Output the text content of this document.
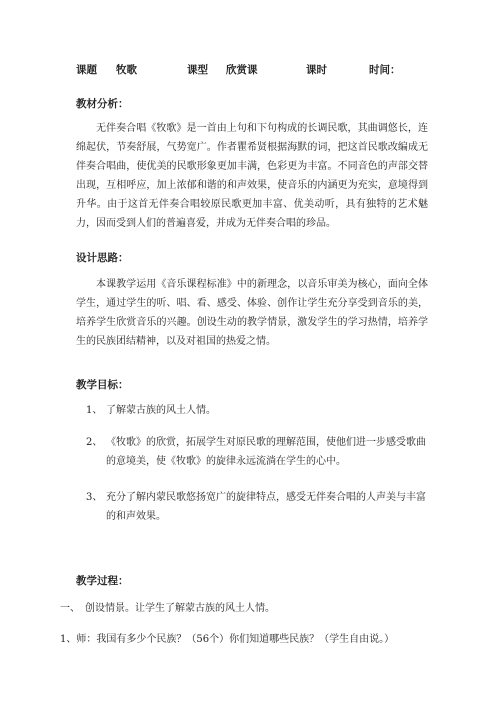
课题 牧歌	课型 欣赏课	课时	时间：
教材分析：
无伴奏合唱《牧歌》是一首由上句和下句构成的长调民歌，其曲调悠长，连绵起伏，节奏舒展，气势宽广。作者瞿希贤根据海默的词，把这首民歌改编成无伴奏合唱曲，使优美的民歌形象更加丰满，色彩更为丰富。不同音色的声部交替出现，互相呼应，加上浓郁和谐的和声效果，使音乐的内涵更为充实，意境得到升华。由于这首无伴奏合唱较原民歌更加丰富、优美动听，具有独特的艺术魅力，因而受到人们的普遍喜爱，并成为无伴奏合唱的珍品。
设计思路：
本课教学运用《音乐课程标准》中的新理念，以音乐审美为核心，面向全体学生，通过学生的听、唱、看、感受、体验、创作让学生充分享受到音乐的美，培养学生欣赏音乐的兴趣。创设生动的教学情景，激发学生的学习热情，培养学生的民族团结精神，以及对祖国的热爱之情。
教学目标：
1、 了解蒙古族的风土人情。
2、 《牧歌》的欣赏，拓展学生对原民歌的理解范围，使他们进一步感受歌曲的意境美，使《牧歌》的旋律永远流淌在学生的心中。
3、 充分了解内蒙民歌悠扬宽广的旋律特点，感受无伴奏合唱的人声美与丰富的和声效果。
教学过程：
一、　创设情景。让学生了解蒙古族的风土人情。
1、师：我国有多少个民族？（56个）你们知道哪些民族？（学生自由说。）
